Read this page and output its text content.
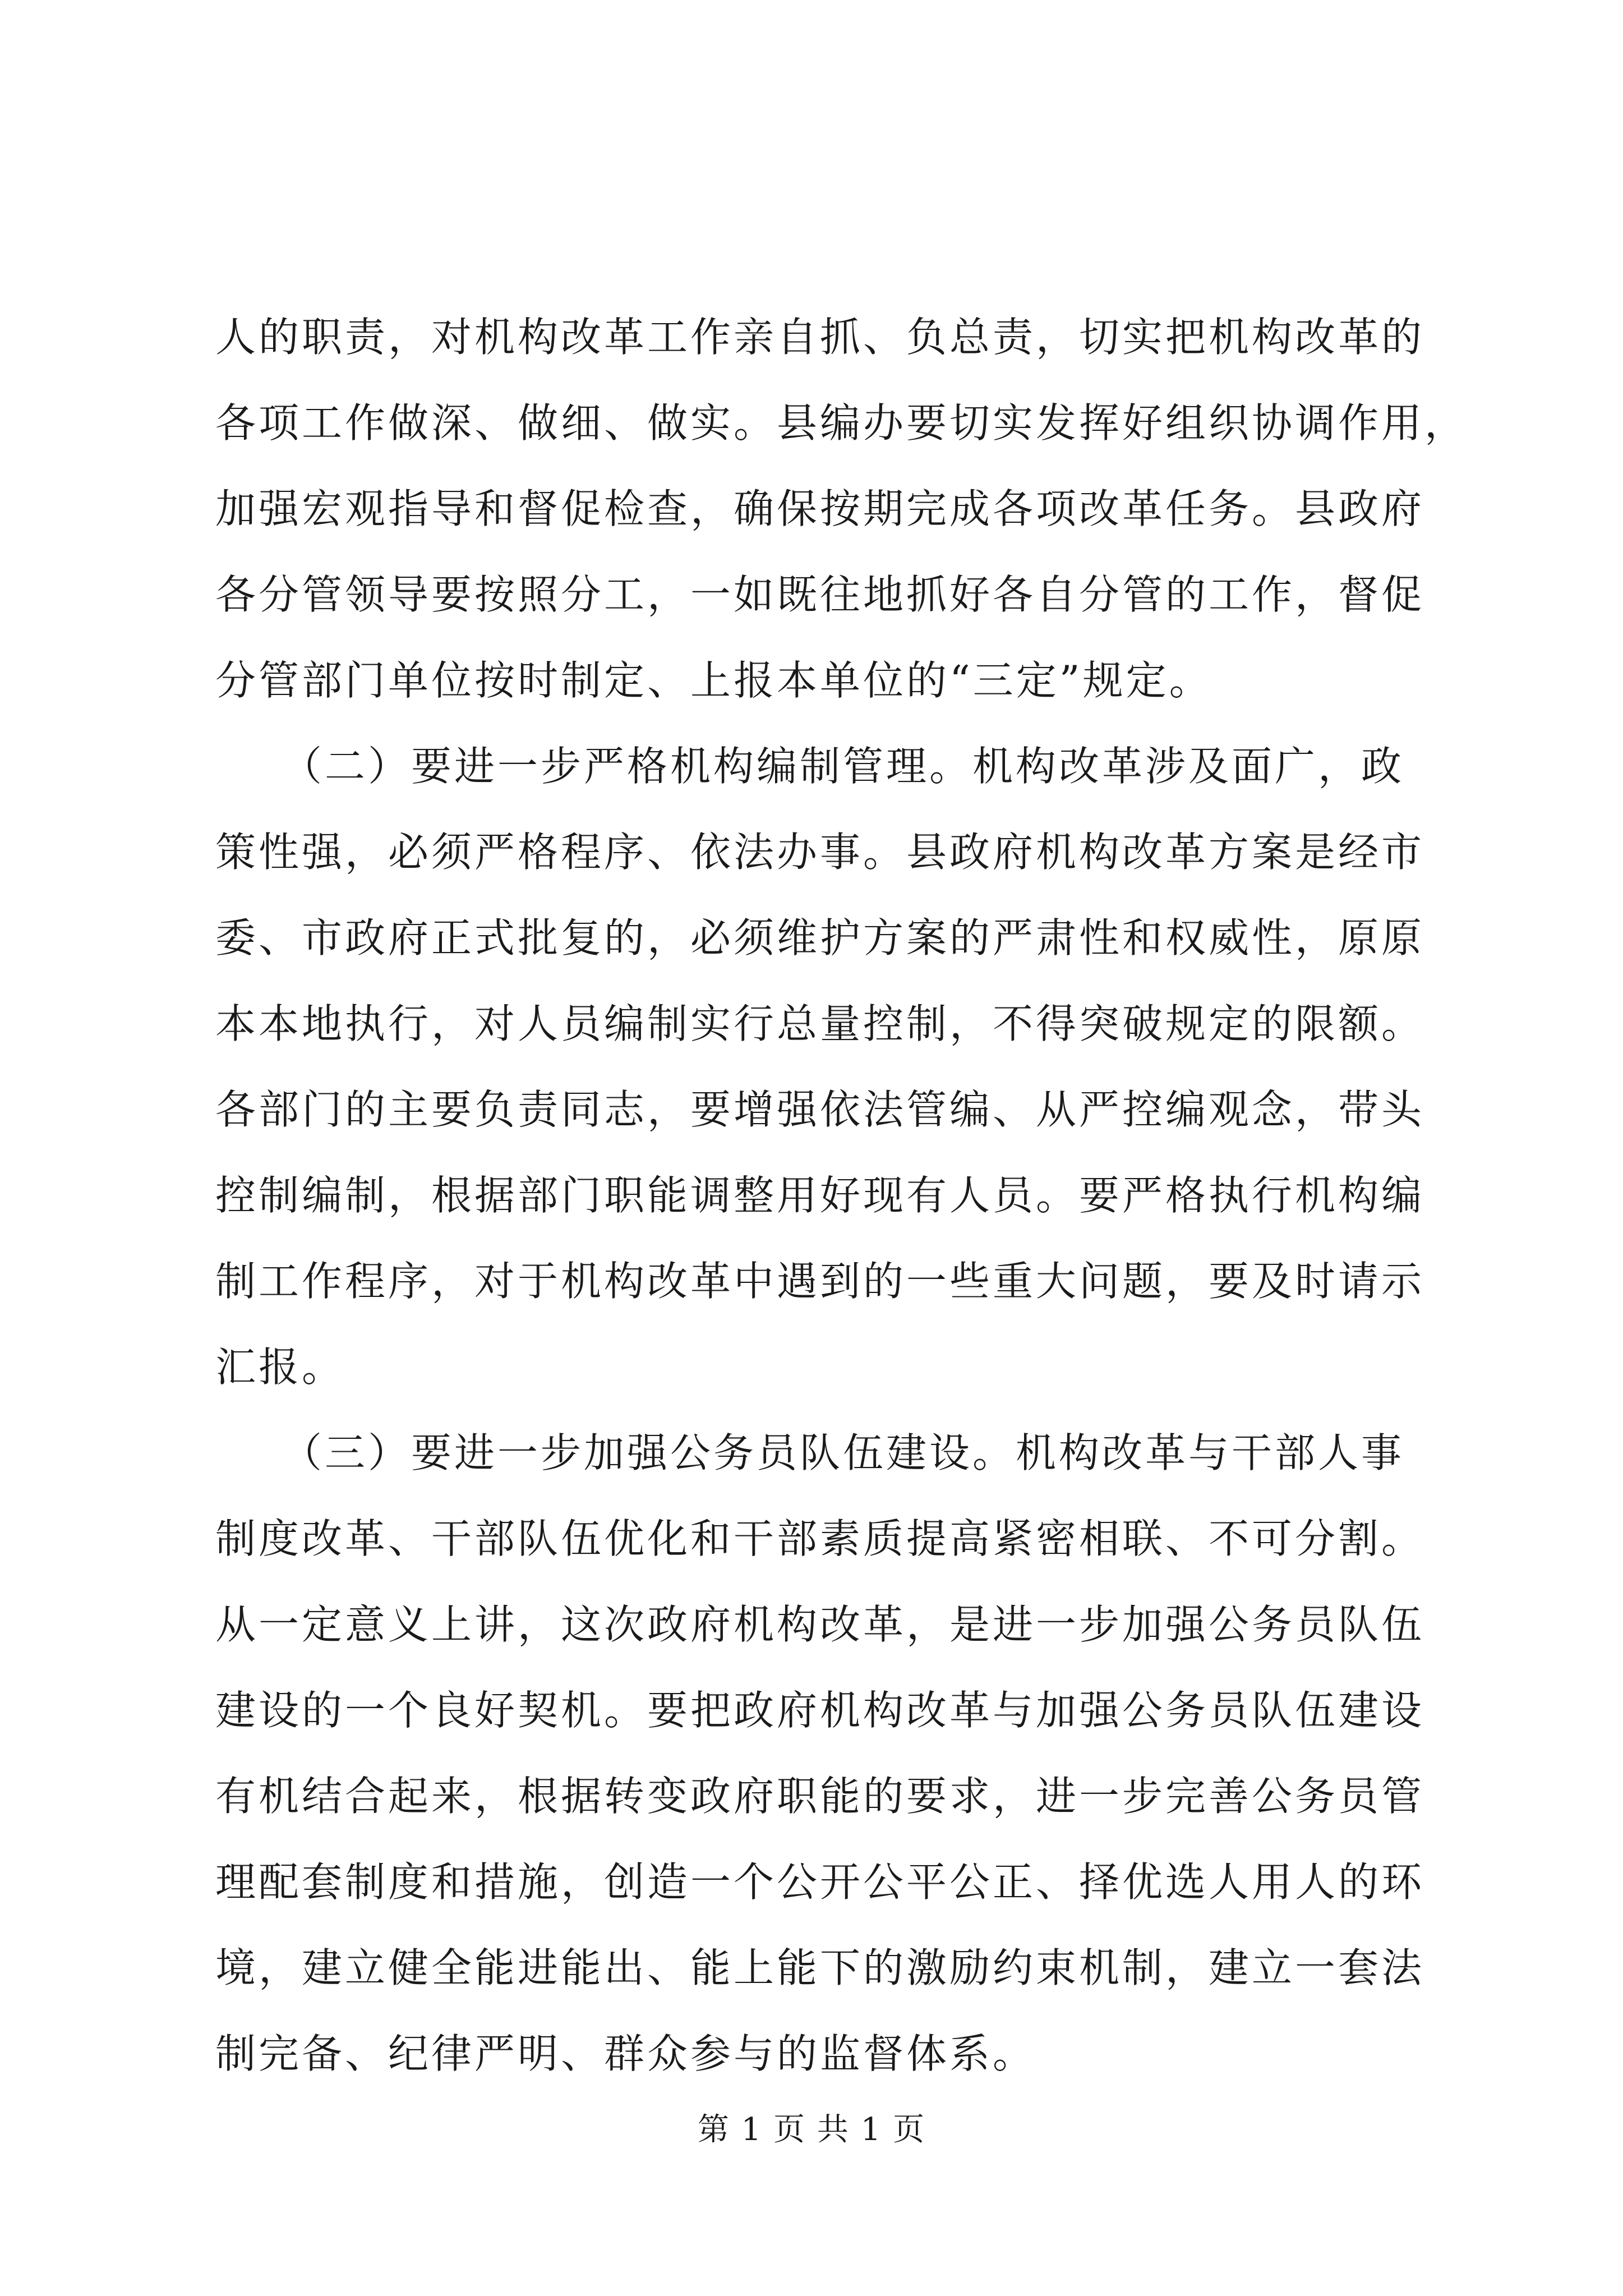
人的职责，对机构改革工作亲自抓、负总责，切实把机构改革的
各项工作做深、做细、做实。县编办要切实发挥好组织协调作用，
加强宏观指导和督促检查，确保按期完成各项改革任务。县政府
各分管领导要按照分工，一如既往地抓好各自分管的工作，督促
分管部门单位按时制定、上报本单位的“三定”规定。
　　（二）要进一步严格机构编制管理。机构改革涉及面广，政
策性强，必须严格程序、依法办事。县政府机构改革方案是经市
委、市政府正式批复的，必须维护方案的严肃性和权威性，原原
本本地执行，对人员编制实行总量控制，不得突破规定的限额。
各部门的主要负责同志，要增强依法管编、从严控编观念，带头
控制编制，根据部门职能调整用好现有人员。要严格执行机构编
制工作程序，对于机构改革中遇到的一些重大问题，要及时请示
汇报。
　　（三）要进一步加强公务员队伍建设。机构改革与干部人事
制度改革、干部队伍优化和干部素质提高紧密相联、不可分割。
从一定意义上讲，这次政府机构改革，是进一步加强公务员队伍
建设的一个良好契机。要把政府机构改革与加强公务员队伍建设
有机结合起来，根据转变政府职能的要求，进一步完善公务员管
理配套制度和措施，创造一个公开公平公正、择优选人用人的环
境，建立健全能进能出、能上能下的激励约束机制，建立一套法
制完备、纪律严明、群众参与的监督体系。
第 1 页 共 1 页
